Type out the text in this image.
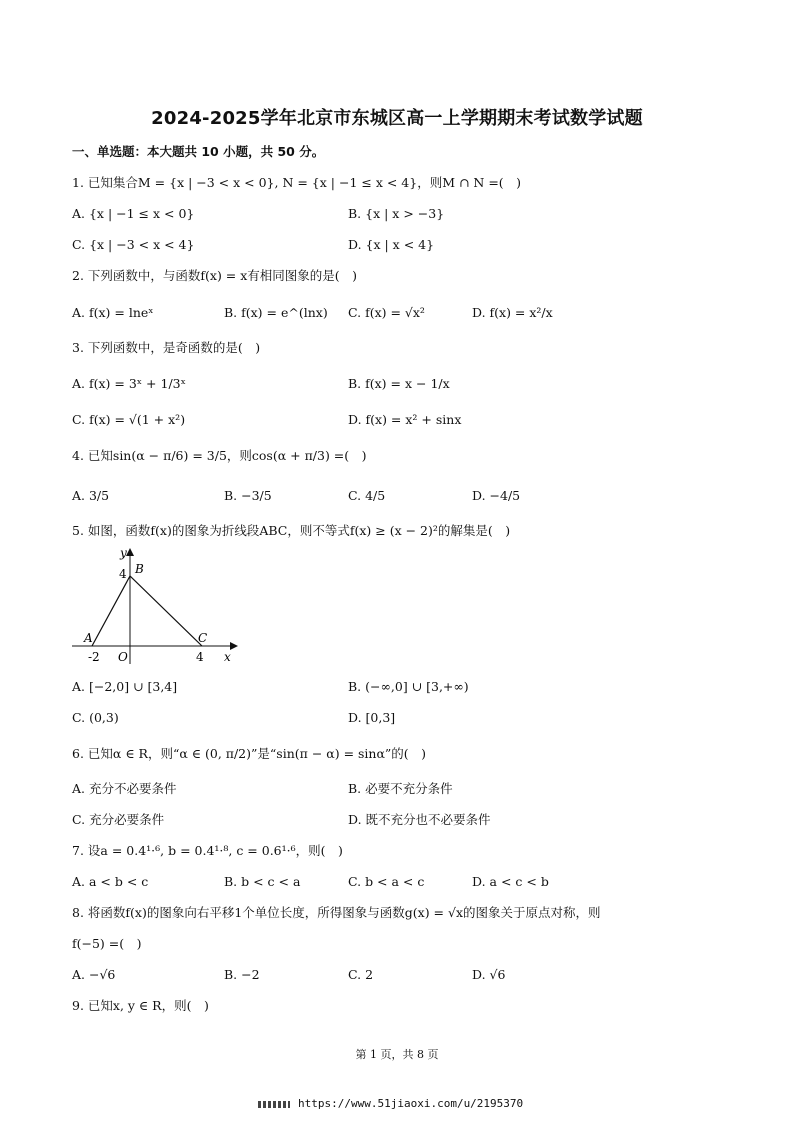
2024-2025学年北京市东城区高一上学期期末考试数学试题
一、单选题：本大题共 10 小题，共 50 分。
1. 已知集合M = {x | −3 < x < 0}, N = {x | −1 ≤ x < 4}，则M ∩ N =(　)
A. {x | −1 ≤ x < 0}	B. {x | x > −3}
C. {x | −3 < x < 4}	D. {x | x < 4}
2. 下列函数中，与函数f(x) = x有相同图象的是(　)
A. f(x) = lneˣ	B. f(x) = e^(lnx) C. f(x) = √x²	D. f(x) = x²/x
3. 下列函数中，是奇函数的是(　)
A. f(x) = 3ˣ + 1/3ˣ	B. f(x) = x − 1/x
C. f(x) = √(1 + x²)	D. f(x) = x² + sinx
4. 已知sin(α − π/6) = 3/5，则cos(α + π/3) =(　)
A. 3/5	B. −3/5	C. 4/5	D. −4/5
5. 如图，函数f(x)的图象为折线段ABC，则不等式f(x) ≥ (x − 2)²的解集是(　)
y
x
A
B
C
O
-2	4
4
A. [−2,0] ∪ [3,4]	B. (−∞,0] ∪ [3,+∞)
C. (0,3)	D. [0,3]
6. 已知α ∈ R，则“α ∈ (0, π/2)”是“sin(π − α) = sinα”的(　)
A. 充分不必要条件	B. 必要不充分条件
C. 充分必要条件	D. 既不充分也不必要条件
7. 设a = 0.4¹·⁶, b = 0.4¹·⁸, c = 0.6¹·⁶，则(　)
A. a < b < c	B. b < c < a	C. b < a < c	D. a < c < b
8. 将函数f(x)的图象向右平移1个单位长度，所得图象与函数g(x) = √x的图象关于原点对称，则
f(−5) =(　)
A. −√6	B. −2	C. 2	D. √6
9. 已知x, y ∈ R，则(　)
第 1 页，共 8 页
https://www.51jiaoxi.com/u/2195370
